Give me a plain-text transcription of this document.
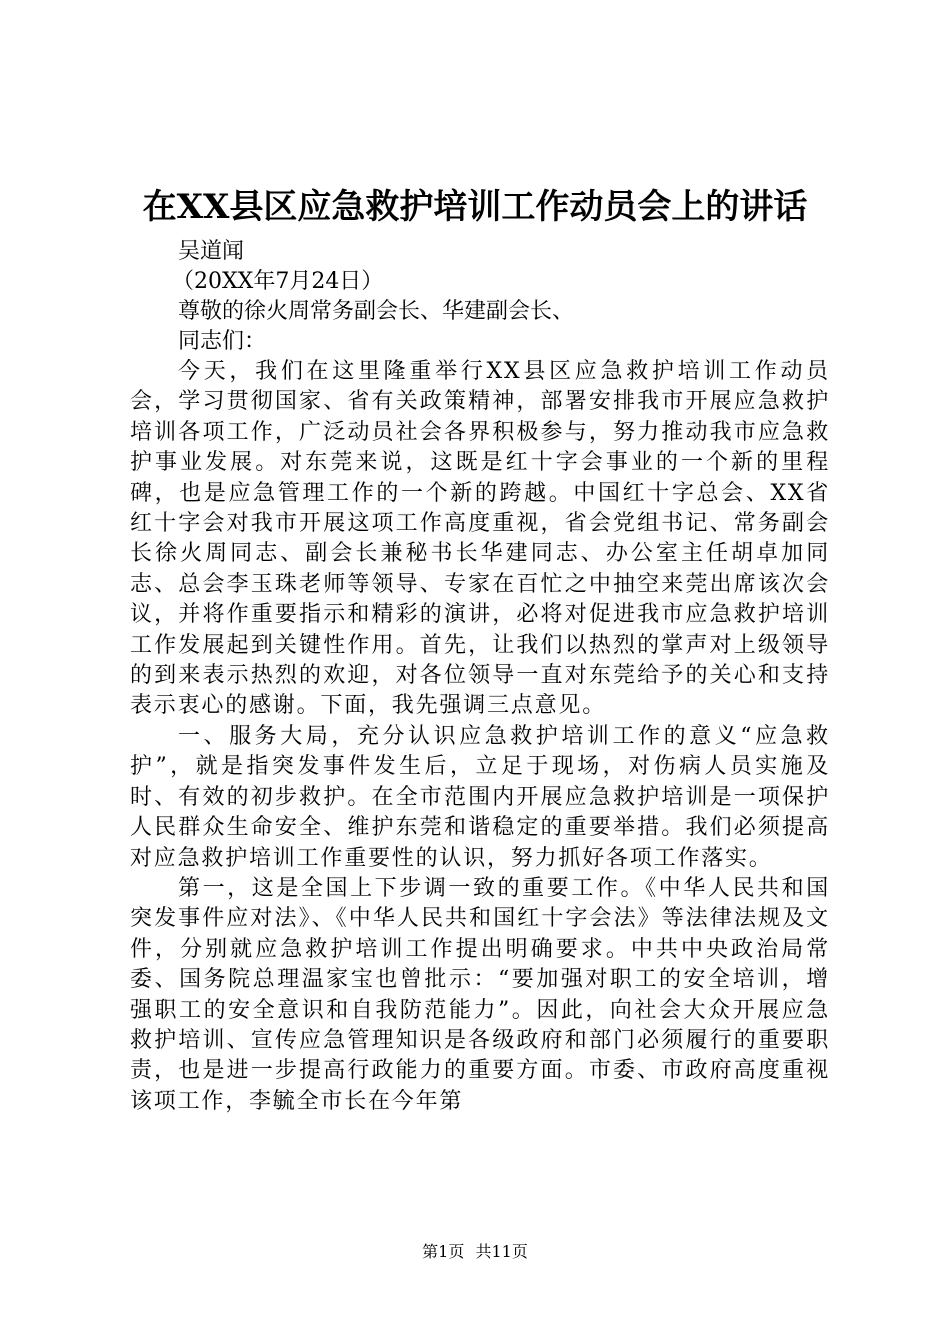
在XX县区应急救护培训工作动员会上的讲话
吴道闻
（20XX年7月24日）
尊敬的徐火周常务副会长、华建副会长、
同志们：

今天，我们在这里隆重举行XX县区应急救护培训工作动员会，学习贯彻国家、省有关政策精神，部署安排我市开展应急救护培训各项工作，广泛动员社会各界积极参与，努力推动我市应急救护事业发展。对东莞来说，这既是红十字会事业的一个新的里程碑，也是应急管理工作的一个新的跨越。中国红十字总会、XX省红十字会对我市开展这项工作高度重视，省会党组书记、常务副会长徐火周同志、副会长兼秘书长华建同志、办公室主任胡卓加同志、总会李玉珠老师等领导、专家在百忙之中抽空来莞出席该次会议，并将作重要指示和精彩的演讲，必将对促进我市应急救护培训工作发展起到关键性作用。首先，让我们以热烈的掌声对上级领导的到来表示热烈的欢迎，对各位领导一直对东莞给予的关心和支持表示衷心的感谢。下面，我先强调三点意见。

一、服务大局，充分认识应急救护培训工作的意义“应急救护”，就是指突发事件发生后，立足于现场，对伤病人员实施及时、有效的初步救护。在全市范围内开展应急救护培训是一项保护人民群众生命安全、维护东莞和谐稳定的重要举措。我们必须提高对应急救护培训工作重要性的认识，努力抓好各项工作落实。

第一，这是全国上下步调一致的重要工作。《中华人民共和国突发事件应对法》、《中华人民共和国红十字会法》等法律法规及文件，分别就应急救护培训工作提出明确要求。中共中央政治局常委、国务院总理温家宝也曾批示：“要加强对职工的安全培训，增强职工的安全意识和自我防范能力”。因此，向社会大众开展应急救护培训、宣传应急管理知识是各级政府和部门必须履行的重要职责，也是进一步提高行政能力的重要方面。市委、市政府高度重视该项工作，李毓全市长在今年第

第1页 共11页
